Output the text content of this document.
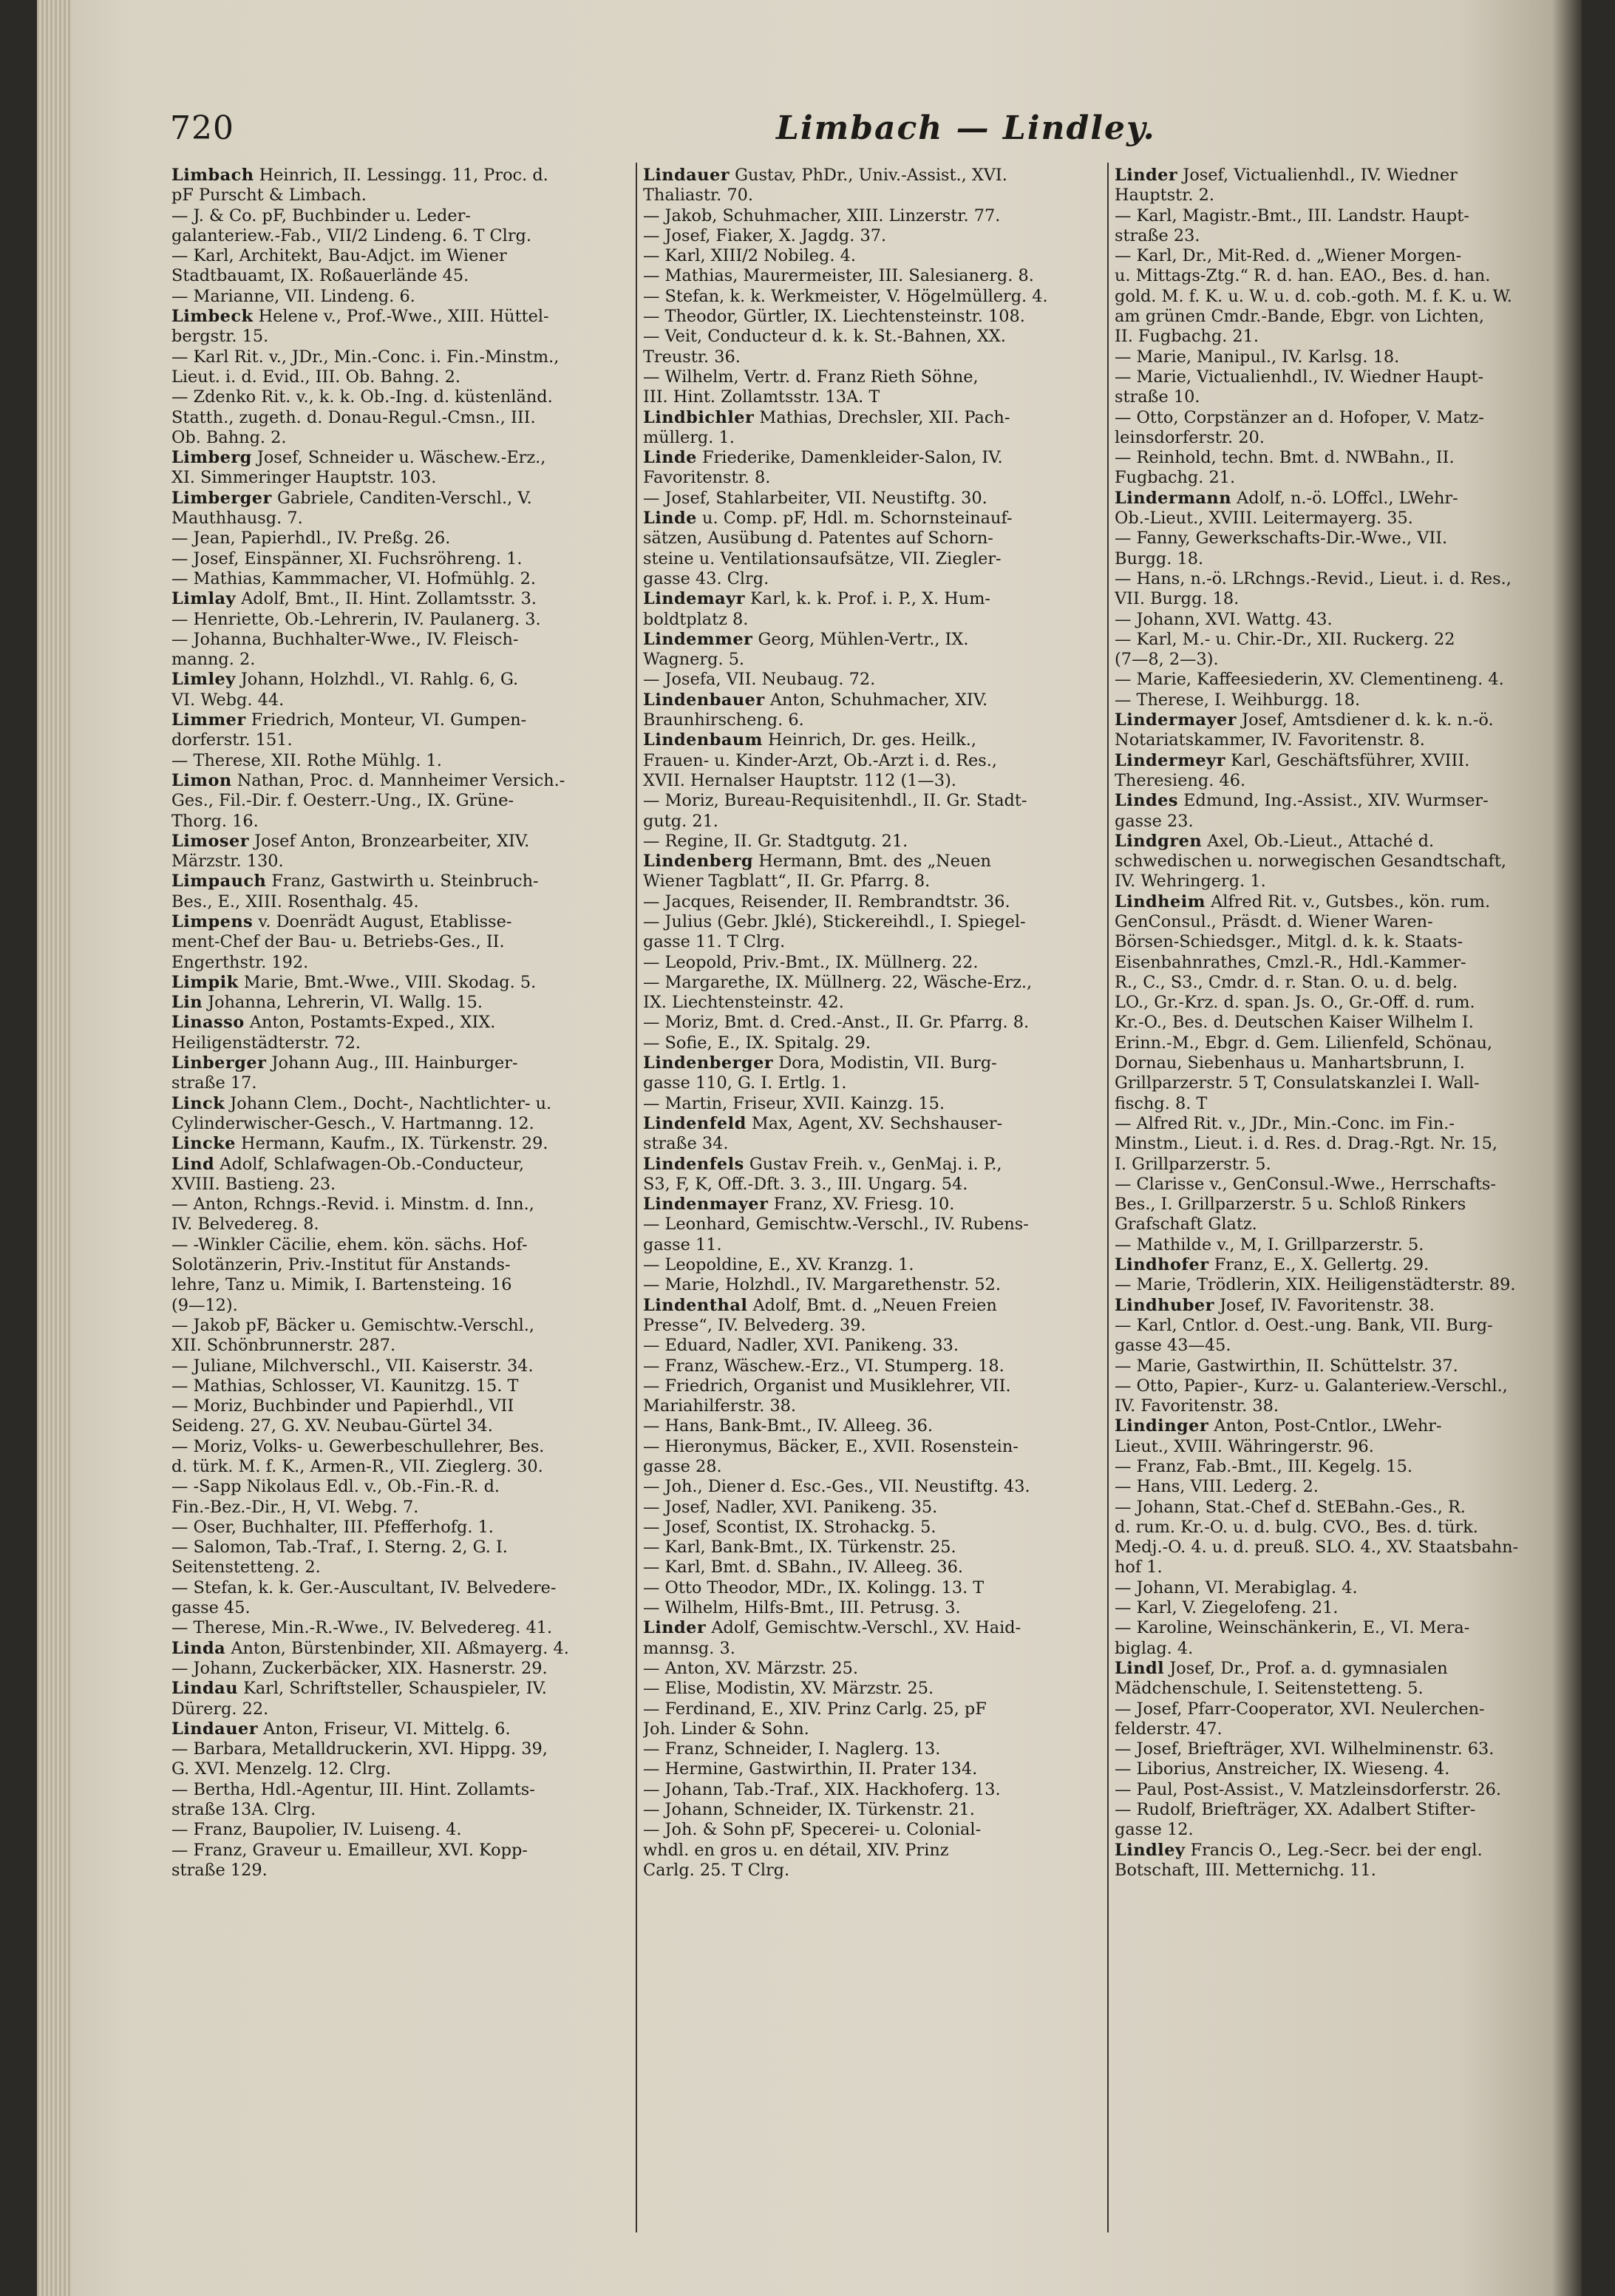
720	Limbach — Lindley.
Limbach Heinrich, II. Lessingg. 11, Proc. d.
pF Purscht & Limbach.
— J. & Co. pF, Buchbinder u. Leder-
galanteriew.-Fab., VII/2 Lindeng. 6. T Clrg.
— Karl, Architekt, Bau-Adjct. im Wiener
Stadtbauamt, IX. Roßauerlände 45.
— Marianne, VII. Lindeng. 6.
Limbeck Helene v., Prof.-Wwe., XIII. Hüttel-
bergstr. 15.
— Karl Rit. v., JDr., Min.-Conc. i. Fin.-Minstm.,
Lieut. i. d. Evid., III. Ob. Bahng. 2.
— Zdenko Rit. v., k. k. Ob.-Ing. d. küstenländ.
Statth., zugeth. d. Donau-Regul.-Cmsn., III.
Ob. Bahng. 2.
Limberg Josef, Schneider u. Wäschew.-Erz.,
XI. Simmeringer Hauptstr. 103.
Limberger Gabriele, Canditen-Verschl., V.
Mauthhausg. 7.
— Jean, Papierhdl., IV. Preßg. 26.
— Josef, Einspänner, XI. Fuchsröhreng. 1.
— Mathias, Kammmacher, VI. Hofmühlg. 2.
Limlay Adolf, Bmt., II. Hint. Zollamtsstr. 3.
— Henriette, Ob.-Lehrerin, IV. Paulanerg. 3.
— Johanna, Buchhalter-Wwe., IV. Fleisch-
manng. 2.
Limley Johann, Holzhdl., VI. Rahlg. 6, G.
VI. Webg. 44.
Limmer Friedrich, Monteur, VI. Gumpen-
dorferstr. 151.
— Therese, XII. Rothe Mühlg. 1.
Limon Nathan, Proc. d. Mannheimer Versich.-
Ges., Fil.-Dir. f. Oesterr.-Ung., IX. Grüne-
Thorg. 16.
Limoser Josef Anton, Bronzearbeiter, XIV.
Märzstr. 130.
Limpauch Franz, Gastwirth u. Steinbruch-
Bes., E., XIII. Rosenthalg. 45.
Limpens v. Doenrädt August, Etablisse-
ment-Chef der Bau- u. Betriebs-Ges., II.
Engerthstr. 192.
Limpik Marie, Bmt.-Wwe., VIII. Skodag. 5.
Lin Johanna, Lehrerin, VI. Wallg. 15.
Linasso Anton, Postamts-Exped., XIX.
Heiligenstädterstr. 72.
Linberger Johann Aug., III. Hainburger-
straße 17.
Linck Johann Clem., Docht-, Nachtlichter- u.
Cylinderwischer-Gesch., V. Hartmanng. 12.
Lincke Hermann, Kaufm., IX. Türkenstr. 29.
Lind Adolf, Schlafwagen-Ob.-Conducteur,
XVIII. Bastieng. 23.
— Anton, Rchngs.-Revid. i. Minstm. d. Inn.,
IV. Belvedereg. 8.
— -Winkler Cäcilie, ehem. kön. sächs. Hof-
Solotänzerin, Priv.-Institut für Anstands-
lehre, Tanz u. Mimik, I. Bartensteing. 16
(9—12).
— Jakob pF, Bäcker u. Gemischtw.-Verschl.,
XII. Schönbrunnerstr. 287.
— Juliane, Milchverschl., VII. Kaiserstr. 34.
— Mathias, Schlosser, VI. Kaunitzg. 15. T
— Moriz, Buchbinder und Papierhdl., VII
Seideng. 27, G. XV. Neubau-Gürtel 34.
— Moriz, Volks- u. Gewerbeschullehrer, Bes.
d. türk. M. f. K., Armen-R., VII. Zieglerg. 30.
— -Sapp Nikolaus Edl. v., Ob.-Fin.-R. d.
Fin.-Bez.-Dir., H, VI. Webg. 7.
— Oser, Buchhalter, III. Pfefferhofg. 1.
— Salomon, Tab.-Traf., I. Sterng. 2, G. I.
Seitenstetteng. 2.
— Stefan, k. k. Ger.-Auscultant, IV. Belvedere-
gasse 45.
— Therese, Min.-R.-Wwe., IV. Belvedereg. 41.
Linda Anton, Bürstenbinder, XII. Aßmayerg. 4.
— Johann, Zuckerbäcker, XIX. Hasnerstr. 29.
Lindau Karl, Schriftsteller, Schauspieler, IV.
Dürerg. 22.
Lindauer Anton, Friseur, VI. Mittelg. 6.
— Barbara, Metalldruckerin, XVI. Hippg. 39,
G. XVI. Menzelg. 12. Clrg.
— Bertha, Hdl.-Agentur, III. Hint. Zollamts-
straße 13A. Clrg.
— Franz, Baupolier, IV. Luiseng. 4.
— Franz, Graveur u. Emailleur, XVI. Kopp-
straße 129.
Lindauer Gustav, PhDr., Univ.-Assist., XVI.
Thaliastr. 70.
— Jakob, Schuhmacher, XIII. Linzerstr. 77.
— Josef, Fiaker, X. Jagdg. 37.
— Karl, XIII/2 Nobileg. 4.
— Mathias, Maurermeister, III. Salesianerg. 8.
— Stefan, k. k. Werkmeister, V. Högelmüllerg. 4.
— Theodor, Gürtler, IX. Liechtensteinstr. 108.
— Veit, Conducteur d. k. k. St.-Bahnen, XX.
Treustr. 36.
— Wilhelm, Vertr. d. Franz Rieth Söhne,
III. Hint. Zollamtsstr. 13A. T
Lindbichler Mathias, Drechsler, XII. Pach-
müllerg. 1.
Linde Friederike, Damenkleider-Salon, IV.
Favoritenstr. 8.
— Josef, Stahlarbeiter, VII. Neustiftg. 30.
Linde u. Comp. pF, Hdl. m. Schornsteinauf-
sätzen, Ausübung d. Patentes auf Schorn-
steine u. Ventilationsaufsätze, VII. Ziegler-
gasse 43. Clrg.
Lindemayr Karl, k. k. Prof. i. P., X. Hum-
boldtplatz 8.
Lindemmer Georg, Mühlen-Vertr., IX.
Wagnerg. 5.
— Josefa, VII. Neubaug. 72.
Lindenbauer Anton, Schuhmacher, XIV.
Braunhirscheng. 6.
Lindenbaum Heinrich, Dr. ges. Heilk.,
Frauen- u. Kinder-Arzt, Ob.-Arzt i. d. Res.,
XVII. Hernalser Hauptstr. 112 (1—3).
— Moriz, Bureau-Requisitenhdl., II. Gr. Stadt-
gutg. 21.
— Regine, II. Gr. Stadtgutg. 21.
Lindenberg Hermann, Bmt. des „Neuen
Wiener Tagblatt“, II. Gr. Pfarrg. 8.
— Jacques, Reisender, II. Rembrandtstr. 36.
— Julius (Gebr. Jklé), Stickereihdl., I. Spiegel-
gasse 11. T Clrg.
— Leopold, Priv.-Bmt., IX. Müllnerg. 22.
— Margarethe, IX. Müllnerg. 22, Wäsche-Erz.,
IX. Liechtensteinstr. 42.
— Moriz, Bmt. d. Cred.-Anst., II. Gr. Pfarrg. 8.
— Sofie, E., IX. Spitalg. 29.
Lindenberger Dora, Modistin, VII. Burg-
gasse 110, G. I. Ertlg. 1.
— Martin, Friseur, XVII. Kainzg. 15.
Lindenfeld Max, Agent, XV. Sechshauser-
straße 34.
Lindenfels Gustav Freih. v., GenMaj. i. P.,
S3, F, K, Off.-Dft. 3. 3., III. Ungarg. 54.
Lindenmayer Franz, XV. Friesg. 10.
— Leonhard, Gemischtw.-Verschl., IV. Rubens-
gasse 11.
— Leopoldine, E., XV. Kranzg. 1.
— Marie, Holzhdl., IV. Margarethenstr. 52.
Lindenthal Adolf, Bmt. d. „Neuen Freien
Presse“, IV. Belvederg. 39.
— Eduard, Nadler, XVI. Panikeng. 33.
— Franz, Wäschew.-Erz., VI. Stumperg. 18.
— Friedrich, Organist und Musiklehrer, VII.
Mariahilferstr. 38.
— Hans, Bank-Bmt., IV. Alleeg. 36.
— Hieronymus, Bäcker, E., XVII. Rosenstein-
gasse 28.
— Joh., Diener d. Esc.-Ges., VII. Neustiftg. 43.
— Josef, Nadler, XVI. Panikeng. 35.
— Josef, Scontist, IX. Strohackg. 5.
— Karl, Bank-Bmt., IX. Türkenstr. 25.
— Karl, Bmt. d. SBahn., IV. Alleeg. 36.
— Otto Theodor, MDr., IX. Kolingg. 13. T
— Wilhelm, Hilfs-Bmt., III. Petrusg. 3.
Linder Adolf, Gemischtw.-Verschl., XV. Haid-
mannsg. 3.
— Anton, XV. Märzstr. 25.
— Elise, Modistin, XV. Märzstr. 25.
— Ferdinand, E., XIV. Prinz Carlg. 25, pF
Joh. Linder & Sohn.
— Franz, Schneider, I. Naglerg. 13.
— Hermine, Gastwirthin, II. Prater 134.
— Johann, Tab.-Traf., XIX. Hackhoferg. 13.
— Johann, Schneider, IX. Türkenstr. 21.
— Joh. & Sohn pF, Specerei- u. Colonial-
whdl. en gros u. en détail, XIV. Prinz
Carlg. 25. T Clrg.
Linder Josef, Victualienhdl., IV. Wiedner
Hauptstr. 2.
— Karl, Magistr.-Bmt., III. Landstr. Haupt-
straße 23.
— Karl, Dr., Mit-Red. d. „Wiener Morgen-
u. Mittags-Ztg.“ R. d. han. EAO., Bes. d. han.
gold. M. f. K. u. W. u. d. cob.-goth. M. f. K. u. W.
am grünen Cmdr.-Bande, Ebgr. von Lichten,
II. Fugbachg. 21.
— Marie, Manipul., IV. Karlsg. 18.
— Marie, Victualienhdl., IV. Wiedner Haupt-
straße 10.
— Otto, Corpstänzer an d. Hofoper, V. Matz-
leinsdorferstr. 20.
— Reinhold, techn. Bmt. d. NWBahn., II.
Fugbachg. 21.
Lindermann Adolf, n.-ö. LOffcl., LWehr-
Ob.-Lieut., XVIII. Leitermayerg. 35.
— Fanny, Gewerkschafts-Dir.-Wwe., VII.
Burgg. 18.
— Hans, n.-ö. LRchngs.-Revid., Lieut. i. d. Res.,
VII. Burgg. 18.
— Johann, XVI. Wattg. 43.
— Karl, M.- u. Chir.-Dr., XII. Ruckerg. 22
(7—8, 2—3).
— Marie, Kaffeesiederin, XV. Clementineng. 4.
— Therese, I. Weihburgg. 18.
Lindermayer Josef, Amtsdiener d. k. k. n.-ö.
Notariatskammer, IV. Favoritenstr. 8.
Lindermeyr Karl, Geschäftsführer, XVIII.
Theresieng. 46.
Lindes Edmund, Ing.-Assist., XIV. Wurmser-
gasse 23.
Lindgren Axel, Ob.-Lieut., Attaché d.
schwedischen u. norwegischen Gesandtschaft,
IV. Wehringerg. 1.
Lindheim Alfred Rit. v., Gutsbes., kön. rum.
GenConsul., Präsdt. d. Wiener Waren-
Börsen-Schiedsger., Mitgl. d. k. k. Staats-
Eisenbahnrathes, Cmzl.-R., Hdl.-Kammer-
R., C., S3., Cmdr. d. r. Stan. O. u. d. belg.
LO., Gr.-Krz. d. span. Js. O., Gr.-Off. d. rum.
Kr.-O., Bes. d. Deutschen Kaiser Wilhelm I.
Erinn.-M., Ebgr. d. Gem. Lilienfeld, Schönau,
Dornau, Siebenhaus u. Manhartsbrunn, I.
Grillparzerstr. 5 T, Consulatskanzlei I. Wall-
fischg. 8. T
— Alfred Rit. v., JDr., Min.-Conc. im Fin.-
Minstm., Lieut. i. d. Res. d. Drag.-Rgt. Nr. 15,
I. Grillparzerstr. 5.
— Clarisse v., GenConsul.-Wwe., Herrschafts-
Bes., I. Grillparzerstr. 5 u. Schloß Rinkers
Grafschaft Glatz.
— Mathilde v., M, I. Grillparzerstr. 5.
Lindhofer Franz, E., X. Gellertg. 29.
— Marie, Trödlerin, XIX. Heiligenstädterstr. 89.
Lindhuber Josef, IV. Favoritenstr. 38.
— Karl, Cntlor. d. Oest.-ung. Bank, VII. Burg-
gasse 43—45.
— Marie, Gastwirthin, II. Schüttelstr. 37.
— Otto, Papier-, Kurz- u. Galanteriew.-Verschl.,
IV. Favoritenstr. 38.
Lindinger Anton, Post-Cntlor., LWehr-
Lieut., XVIII. Währingerstr. 96.
— Franz, Fab.-Bmt., III. Kegelg. 15.
— Hans, VIII. Lederg. 2.
— Johann, Stat.-Chef d. StEBahn.-Ges., R.
d. rum. Kr.-O. u. d. bulg. CVO., Bes. d. türk.
Medj.-O. 4. u. d. preuß. SLO. 4., XV. Staatsbahn-
hof 1.
— Johann, VI. Merabiglag. 4.
— Karl, V. Ziegelofeng. 21.
— Karoline, Weinschänkerin, E., VI. Mera-
biglag. 4.
Lindl Josef, Dr., Prof. a. d. gymnasialen
Mädchenschule, I. Seitenstetteng. 5.
— Josef, Pfarr-Cooperator, XVI. Neulerchen-
felderstr. 47.
— Josef, Briefträger, XVI. Wilhelminenstr. 63.
— Liborius, Anstreicher, IX. Wieseng. 4.
— Paul, Post-Assist., V. Matzleinsdorferstr. 26.
— Rudolf, Briefträger, XX. Adalbert Stifter-
gasse 12.
Lindley Francis O., Leg.-Secr. bei der engl.
Botschaft, III. Metternichg. 11.
